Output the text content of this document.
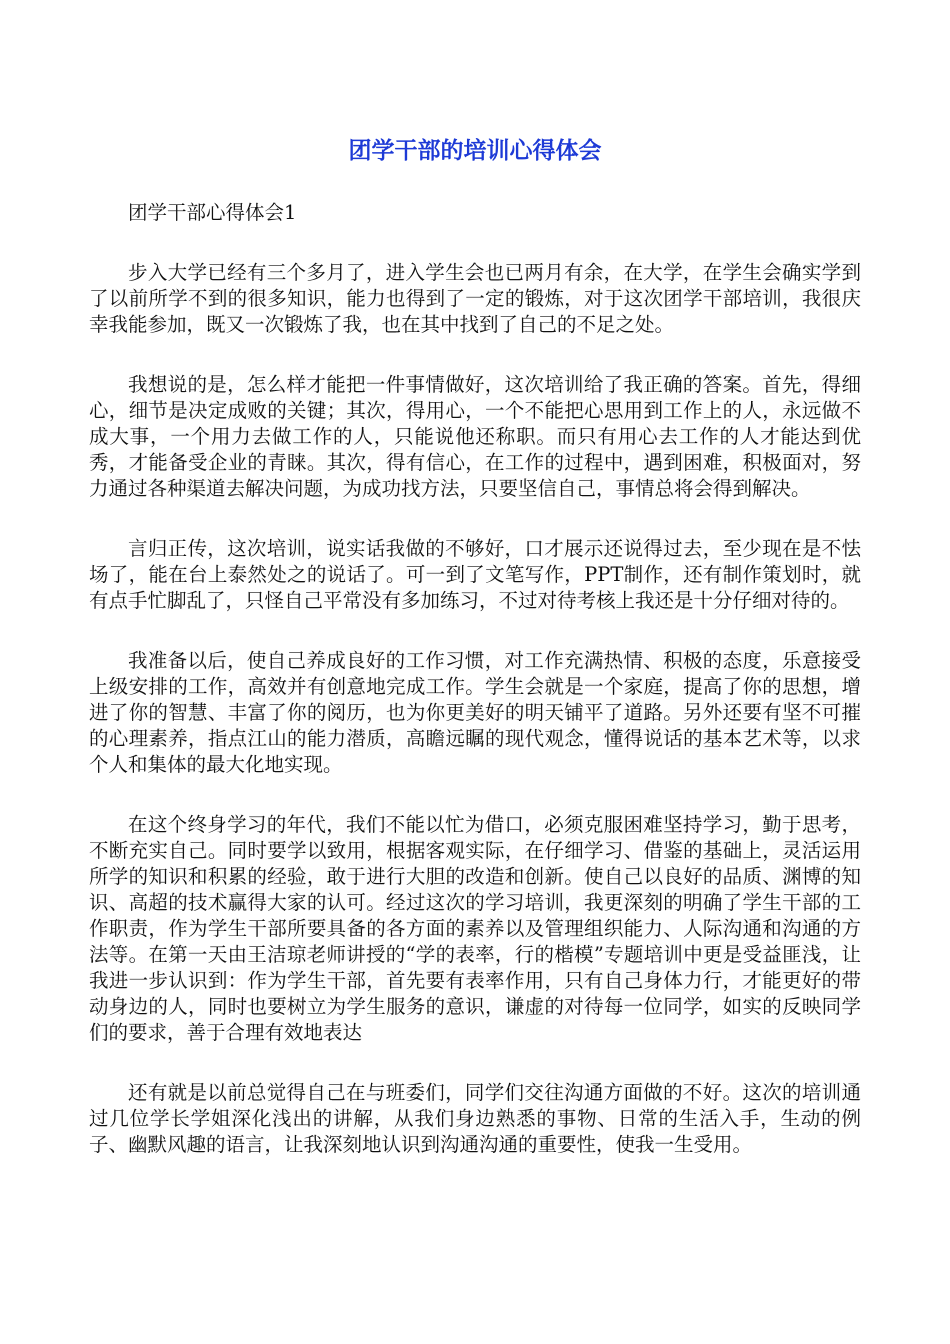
团学干部的培训心得体会

团学干部心得体会1

步入大学已经有三个多月了，进入学生会也已两月有余，在大学，在学生会确实学到了以前所学不到的很多知识，能力也得到了一定的锻炼，对于这次团学干部培训，我很庆幸我能参加，既又一次锻炼了我，也在其中找到了自己的不足之处。

我想说的是，怎么样才能把一件事情做好，这次培训给了我正确的答案。首先，得细心，细节是决定成败的关键；其次，得用心，一个不能把心思用到工作上的人，永远做不成大事，一个用力去做工作的人，只能说他还称职。而只有用心去工作的人才能达到优秀，才能备受企业的青睐。其次，得有信心，在工作的过程中，遇到困难，积极面对，努力通过各种渠道去解决问题，为成功找方法，只要坚信自己，事情总将会得到解决。

言归正传，这次培训，说实话我做的不够好，口才展示还说得过去，至少现在是不怯场了，能在台上泰然处之的说话了。可一到了文笔写作，PPT制作，还有制作策划时，就有点手忙脚乱了，只怪自己平常没有多加练习，不过对待考核上我还是十分仔细对待的。

我准备以后，使自己养成良好的工作习惯，对工作充满热情、积极的态度，乐意接受上级安排的工作，高效并有创意地完成工作。学生会就是一个家庭，提高了你的思想，增进了你的智慧、丰富了你的阅历，也为你更美好的明天铺平了道路。另外还要有坚不可摧的心理素养，指点江山的能力潜质，高瞻远瞩的现代观念，懂得说话的基本艺术等，以求个人和集体的最大化地实现。

在这个终身学习的年代，我们不能以忙为借口，必须克服困难坚持学习，勤于思考，不断充实自己。同时要学以致用，根据客观实际，在仔细学习、借鉴的基础上，灵活运用所学的知识和积累的经验，敢于进行大胆的改造和创新。使自己以良好的品质、渊博的知识、高超的技术赢得大家的认可。经过这次的学习培训，我更深刻的明确了学生干部的工作职责，作为学生干部所要具备的各方面的素养以及管理组织能力、人际沟通和沟通的方法等。在第一天由王洁琼老师讲授的“学的表率，行的楷模”专题培训中更是受益匪浅，让我进一步认识到：作为学生干部，首先要有表率作用，只有自己身体力行，才能更好的带动身边的人，同时也要树立为学生服务的意识，谦虚的对待每一位同学，如实的反映同学们的要求，善于合理有效地表达

还有就是以前总觉得自己在与班委们，同学们交往沟通方面做的不好。这次的培训通过几位学长学姐深化浅出的讲解，从我们身边熟悉的事物、日常的生活入手，生动的例子、幽默风趣的语言，让我深刻地认识到沟通沟通的重要性，使我一生受用。
